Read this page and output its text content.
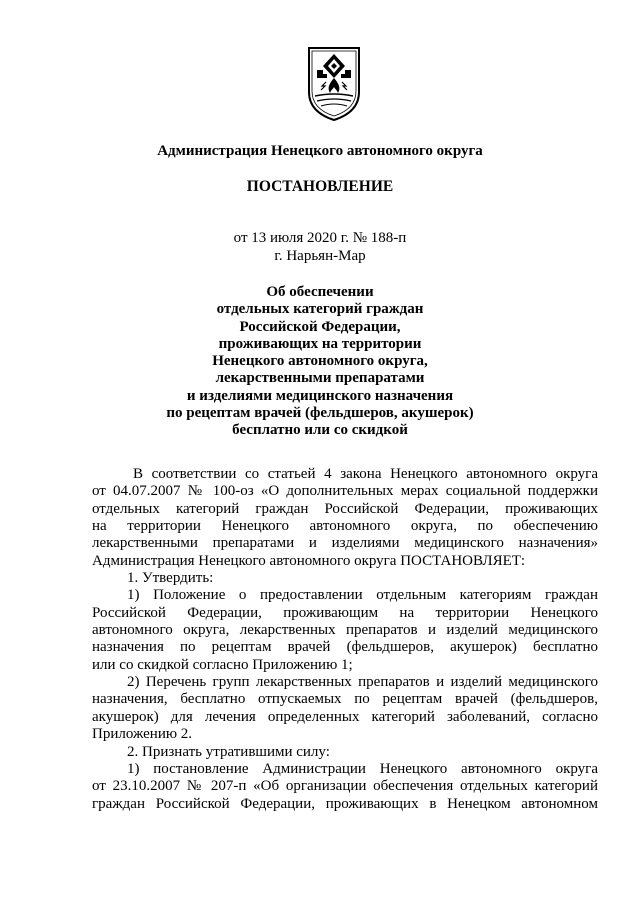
Администрация Ненецкого автономного округа
ПОСТАНОВЛЕНИЕ
от 13 июля 2020 г. № 188-п
г. Нарьян-Мар
Об обеспечении
отдельных категорий граждан
Российской Федерации,
проживающих на территории
Ненецкого автономного округа,
лекарственными препаратами
и изделиями медицинского назначения
по рецептам врачей (фельдшеров, акушерок)
бесплатно или со скидкой
В соответствии со статьей 4 закона Ненецкого автономного округа
от 04.07.2007 № 100-оз «О дополнительных мерах социальной поддержки
отдельных категорий граждан Российской Федерации, проживающих
на территории Ненецкого автономного округа, по обеспечению
лекарственными препаратами и изделиями медицинского назначения»
Администрация Ненецкого автономного округа ПОСТАНОВЛЯЕТ:
1. Утвердить:
1) Положение о предоставлении отдельным категориям граждан
Российской Федерации, проживающим на территории Ненецкого
автономного округа, лекарственных препаратов и изделий медицинского
назначения по рецептам врачей (фельдшеров, акушерок) бесплатно
или со скидкой согласно Приложению 1;
2) Перечень групп лекарственных препаратов и изделий медицинского
назначения, бесплатно отпускаемых по рецептам врачей (фельдшеров,
акушерок) для лечения определенных категорий заболеваний, согласно
Приложению 2.
2. Признать утратившими силу:
1) постановление Администрации Ненецкого автономного округа
от 23.10.2007 № 207-п «Об организации обеспечения отдельных категорий
граждан Российской Федерации, проживающих в Ненецком автономном
